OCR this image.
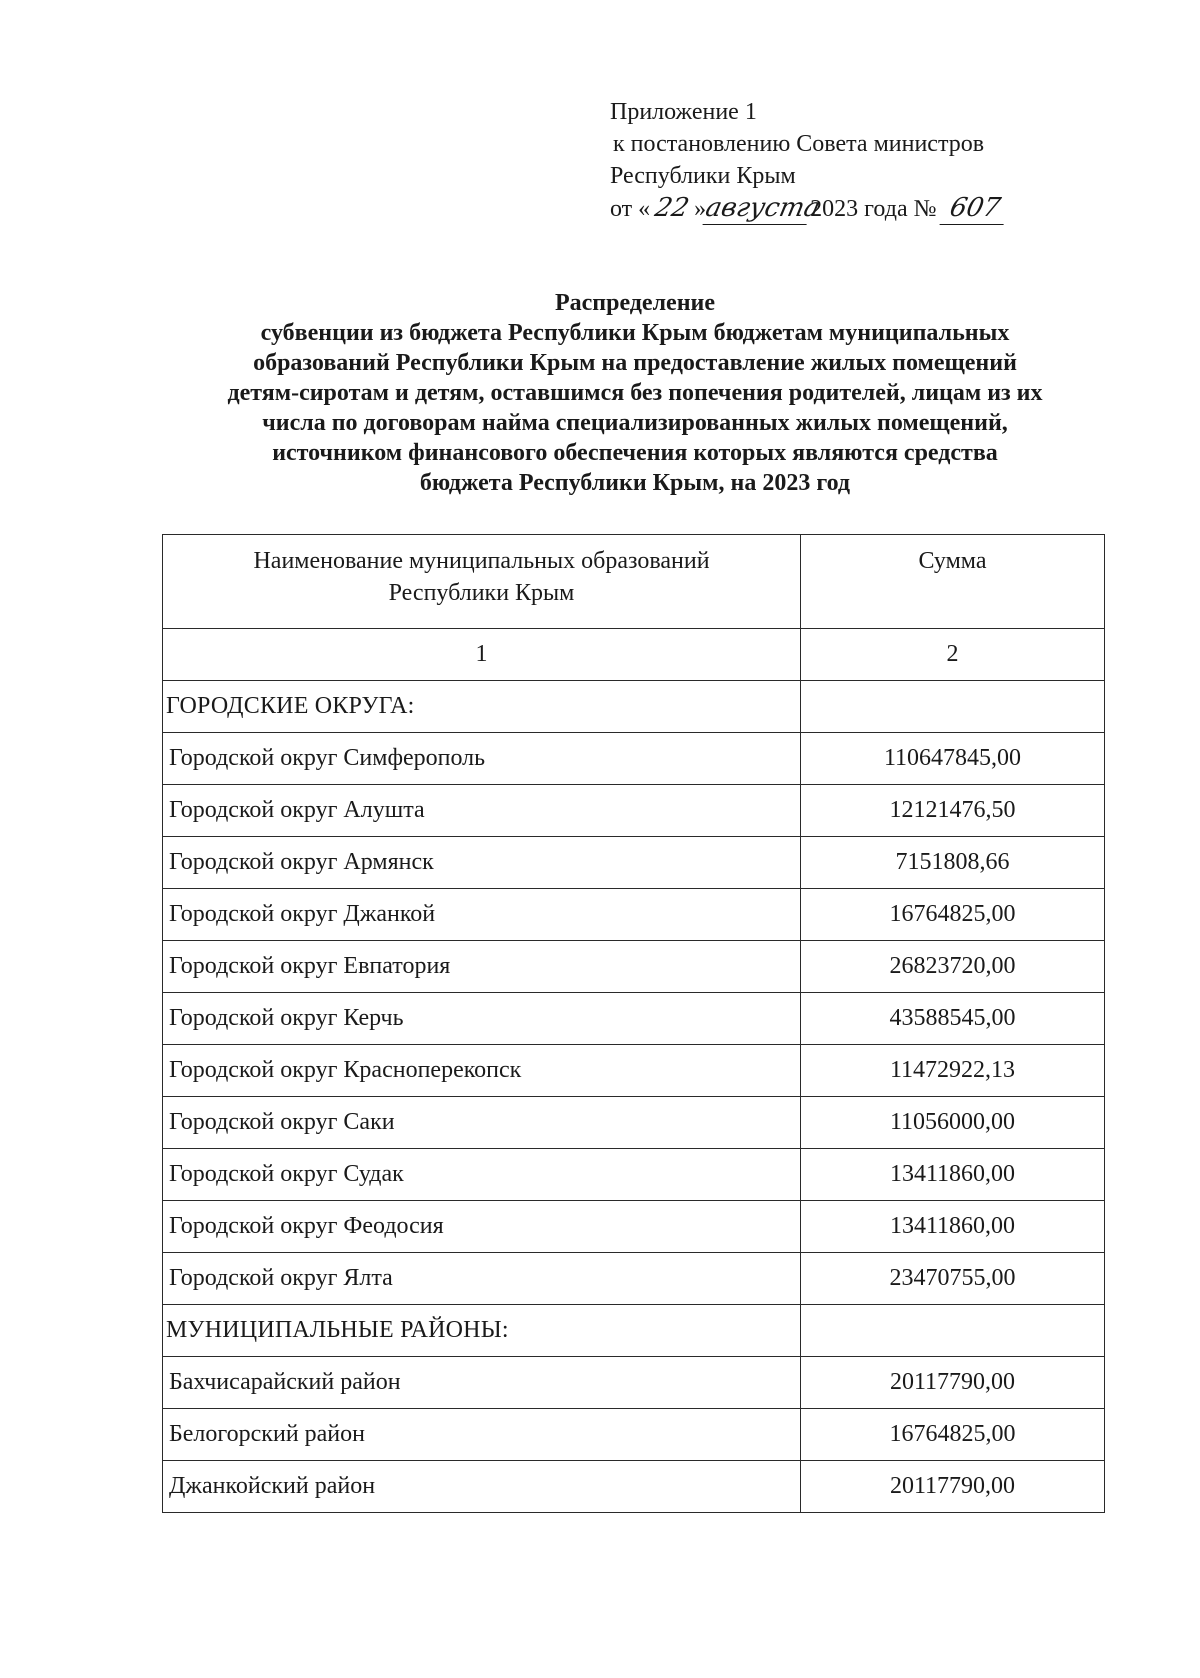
Приложение 1
к постановлению Совета министров
Республики Крым
от «22»августа2023 года № 607
Распределение
субвенции из бюджета Республики Крым бюджетам муниципальных
образований Республики Крым на предоставление жилых помещений
детям-сиротам и детям, оставшимся без попечения родителей, лицам из их
числа по договорам найма специализированных жилых помещений,
источником финансового обеспечения которых являются средства
бюджета Республики Крым, на 2023 год
Наименование муниципальных образований
Республики Крым	Сумма
1	2
ГОРОДСКИЕ ОКРУГА:	
Городской округ Симферополь	110647845,00
Городской округ Алушта	12121476,50
Городской округ Армянск	7151808,66
Городской округ Джанкой	16764825,00
Городской округ Евпатория	26823720,00
Городской округ Керчь	43588545,00
Городской округ Красноперекопск	11472922,13
Городской округ Саки	11056000,00
Городской округ Судак	13411860,00
Городской округ Феодосия	13411860,00
Городской округ Ялта	23470755,00
МУНИЦИПАЛЬНЫЕ РАЙОНЫ:	
Бахчисарайский район	20117790,00
Белогорский район	16764825,00
Джанкойский район	20117790,00
